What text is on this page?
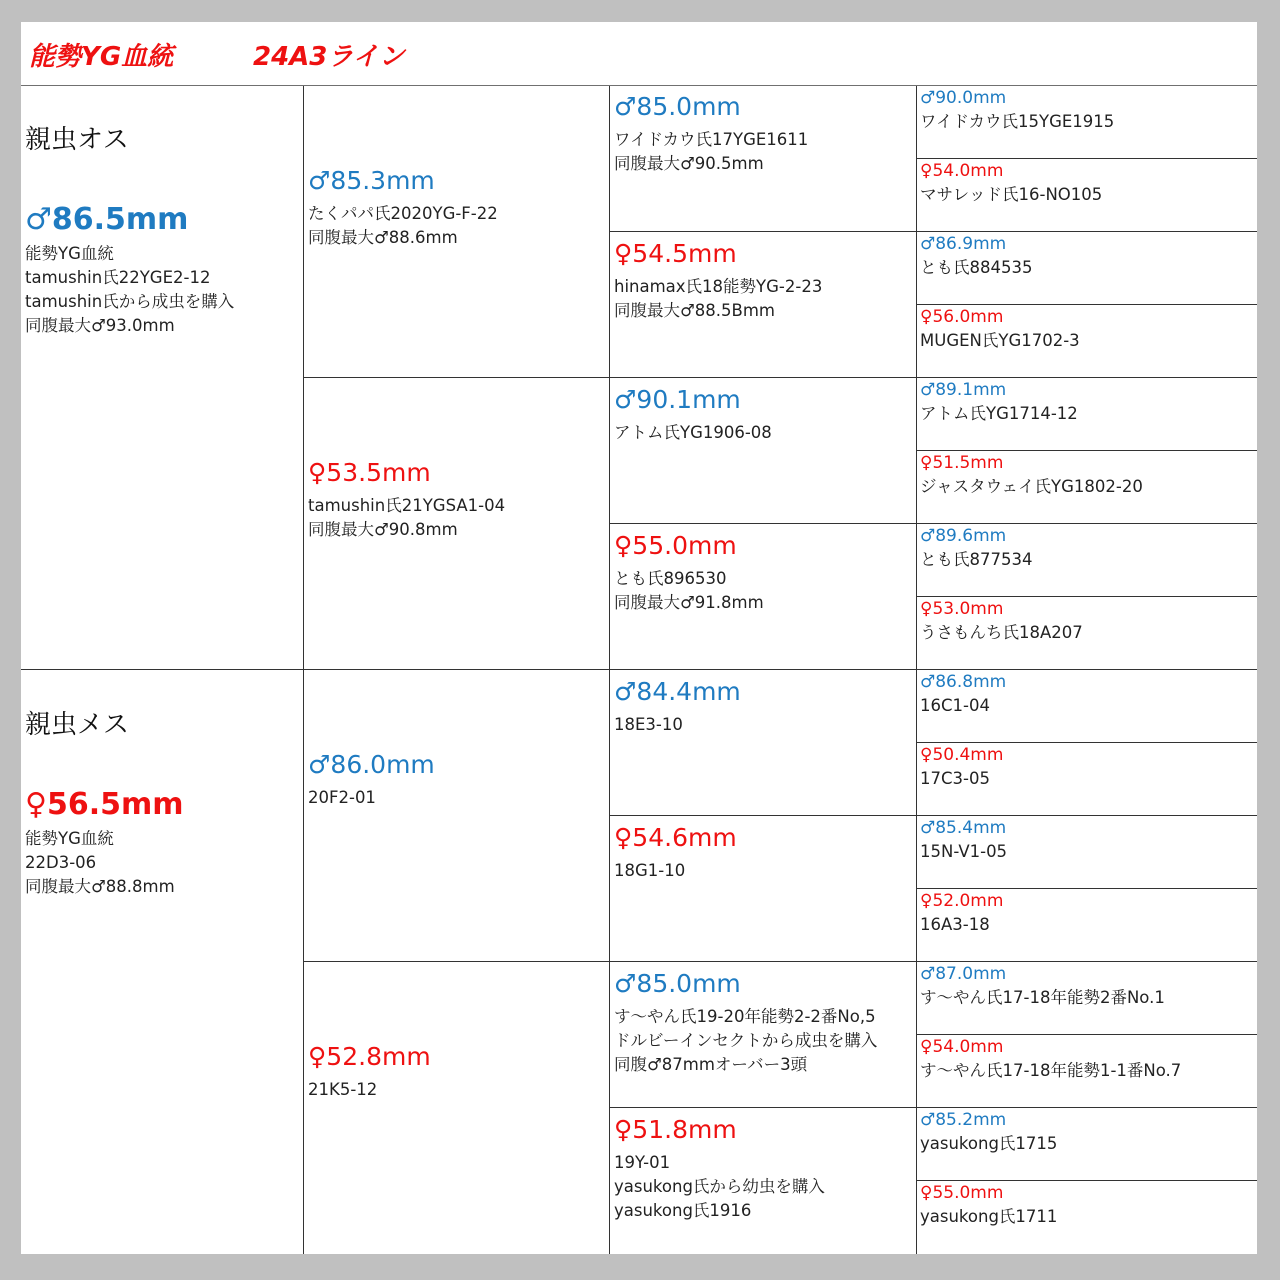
能勢YG血統	24A3ライン
親虫オス
♂86.5mm
能勢YG血統
tamushin氏22YGE2-12
tamushin氏から成虫を購入
同腹最大♂93.0mm
親虫メス
♀56.5mm
能勢YG血統
22D3-06
同腹最大♂88.8mm
♂85.3mm
たくパパ氏2020YG-F-22
同腹最大♂88.6mm
♀53.5mm
tamushin氏21YGSA1-04
同腹最大♂90.8mm
♂86.0mm
20F2-01
♀52.8mm
21K5-12
♂85.0mm
ワイドカウ氏17YGE1611
同腹最大♂90.5mm
♀54.5mm
hinamax氏18能勢YG-2-23
同腹最大♂88.5Bmm
♂90.1mm
アトム氏YG1906-08
♀55.0mm
とも氏896530
同腹最大♂91.8mm
♂84.4mm
18E3-10
♀54.6mm
18G1-10
♂85.0mm
す～やん氏19-20年能勢2-2番No,5
ドルビーインセクトから成虫を購入
同腹♂87mmオーバー3頭
♀51.8mm
19Y-01
yasukong氏から幼虫を購入
yasukong氏1916
♂90.0mm
ワイドカウ氏15YGE1915
♀54.0mm
マサレッド氏16-NO105
♂86.9mm
とも氏884535
♀56.0mm
MUGEN氏YG1702-3
♂89.1mm
アトム氏YG1714-12
♀51.5mm
ジャスタウェイ氏YG1802-20
♂89.6mm
とも氏877534
♀53.0mm
うさもんち氏18A207
♂86.8mm
16C1-04
♀50.4mm
17C3-05
♂85.4mm
15N-V1-05
♀52.0mm
16A3-18
♂87.0mm
す～やん氏17-18年能勢2番No.1
♀54.0mm
す～やん氏17-18年能勢1-1番No.7
♂85.2mm
yasukong氏1715
♀55.0mm
yasukong氏1711
